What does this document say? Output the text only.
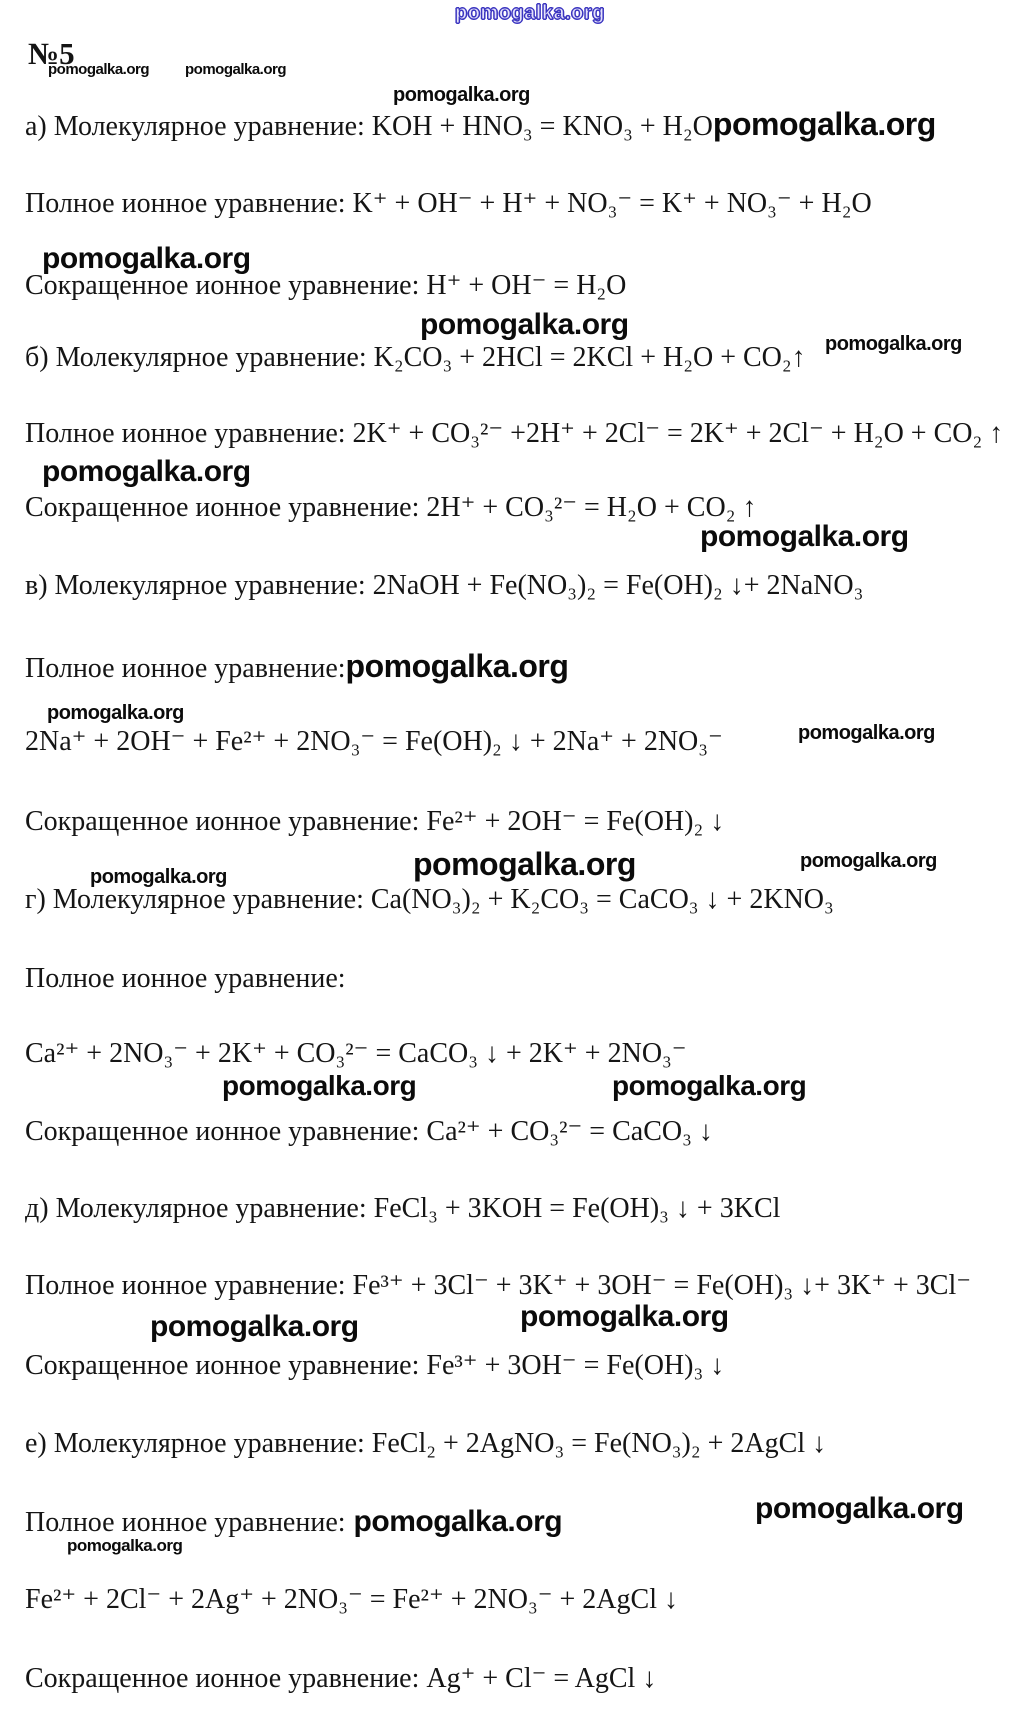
pomogalka.org
№5
pomogalka.org pomogalka.org
pomogalka.org
а) Молекулярное уравнение: KOH + HNO₃ = KNO₃ + H₂O pomogalka.org
Полное ионное уравнение: K⁺ + OH⁻ + H⁺ + NO₃⁻ = K⁺ + NO₃⁻ + H₂O
pomogalka.org
Сокращенное ионное уравнение: H⁺ + OH⁻ = H₂O
pomogalka.org
pomogalka.org
б) Молекулярное уравнение: K₂CO₃ + 2HCl = 2KCl + H₂O + CO₂↑
Полное ионное уравнение: 2K⁺ + CO₃²⁻ +2H⁺ + 2Cl⁻ = 2K⁺ + 2Cl⁻ + H₂O + CO₂ ↑
pomogalka.org
Сокращенное ионное уравнение: 2H⁺ + CO₃²⁻ = H₂O + CO₂ ↑
pomogalka.org
в) Молекулярное уравнение: 2NaOH + Fe(NO₃)₂ = Fe(OH)₂ ↓+ 2NaNO₃
Полное ионное уравнение: pomogalka.org
pomogalka.org
pomogalka.org
2Na⁺ + 2OH⁻ + Fe²⁺ + 2NO₃⁻ = Fe(OH)₂ ↓ + 2Na⁺ + 2NO₃⁻
Сокращенное ионное уравнение: Fe²⁺ + 2OH⁻ = Fe(OH)₂ ↓
pomogalka.org	pomogalka.org
pomogalka.org
г) Молекулярное уравнение: Ca(NO₃)₂ + K₂CO₃ = CaCO₃ ↓ + 2KNO₃
Полное ионное уравнение:
Ca²⁺ + 2NO₃⁻ + 2K⁺ + CO₃²⁻ = CaCO₃ ↓ + 2K⁺ + 2NO₃⁻
pomogalka.org	pomogalka.org
Сокращенное ионное уравнение: Ca²⁺ + CO₃²⁻ = CaCO₃ ↓
д) Молекулярное уравнение: FeCl₃ + 3KOH = Fe(OH)₃ ↓ + 3KCl
Полное ионное уравнение: Fe³⁺ + 3Cl⁻ + 3K⁺ + 3OH⁻ = Fe(OH)₃ ↓+ 3K⁺ + 3Cl⁻
pomogalka.org	pomogalka.org
Сокращенное ионное уравнение: Fe³⁺ + 3OH⁻ = Fe(OH)₃ ↓
е) Молекулярное уравнение: FeCl₂ + 2AgNO₃ = Fe(NO₃)₂ + 2AgCl ↓
Полное ионное уравнение: pomogalka.org	pomogalka.org
pomogalka.org
Fe²⁺ + 2Cl⁻ + 2Ag⁺ + 2NO₃⁻ = Fe²⁺ + 2NO₃⁻ + 2AgCl ↓
Сокращенное ионное уравнение: Ag⁺ + Cl⁻ = AgCl ↓
